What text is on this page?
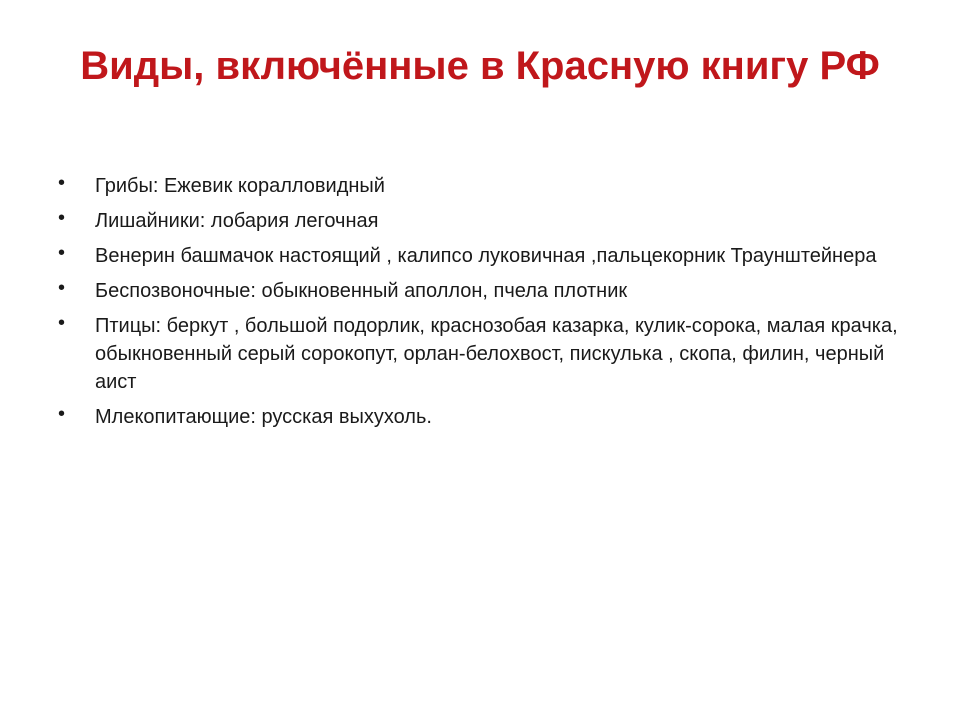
Виды, включённые в Красную книгу РФ
• Грибы: Ежевик коралловидный
• Лишайники: лобария легочная
• Венерин башмачок настоящий , калипсо луковичная ,пальцекорник Траунштейнера
• Беспозвоночные: обыкновенный аполлон, пчела плотник
• Птицы: беркут , большой подорлик, краснозобая казарка, кулик-сорока, малая крачка, обыкновенный серый сорокопут, орлан-белохвост, пискулька , скопа, филин, черный аист
• Млекопитающие: русская выхухоль.
